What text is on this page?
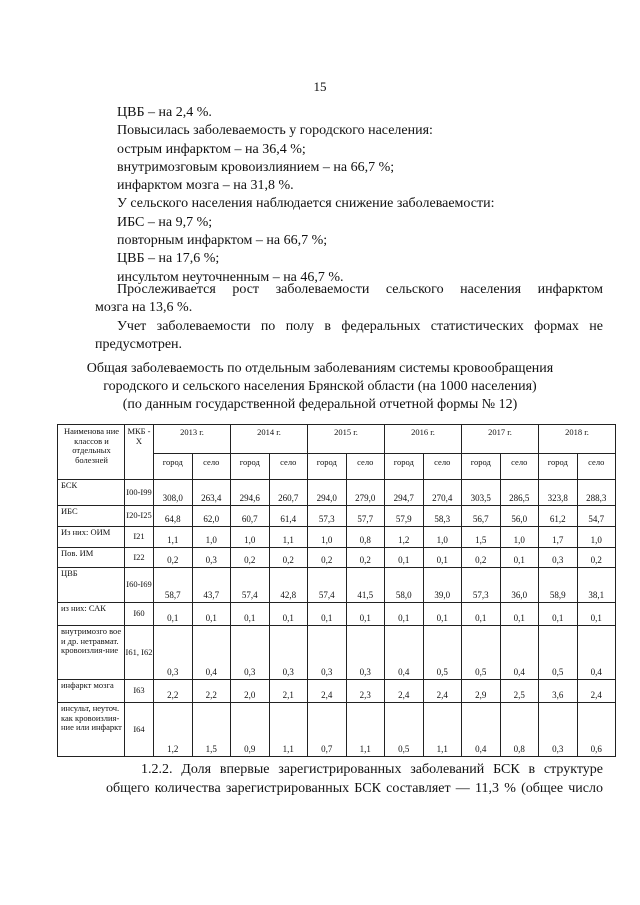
15
ЦВБ – на 2,4 %.
Повысилась заболеваемость у городского населения:
острым инфарктом – на 36,4 %;
внутримозговым кровоизлиянием – на 66,7 %;
инфарктом мозга – на 31,8 %.
У сельского населения наблюдается снижение заболеваемости:
ИБС – на 9,7 %;
повторным инфарктом – на 66,7 %;
ЦВБ – на 17,6 %;
инсультом неуточненным – на 46,7 %.
Прослеживается рост заболеваемости сельского населения инфарктом
мозга на 13,6 %.
Учет заболеваемости по полу в федеральных статистических формах не
предусмотрен.
Общая заболеваемость по отдельным заболеваниям системы кровообращения
городского и сельского населения Брянской области (на 1000 населения)
(по данным государственной федеральной отчетной формы № 12)
Наименова ние классов и отдельных болезней	МКБ - X	2013 г.		2014 г.		2015 г.		2016 г.		2017 г.		2018 г.	
		город	село	город	село	город	село	город	село	город	село	город	село
БСК	I00-I99	308,0	263,4	294,6	260,7	294,0	279,0	294,7	270,4	303,5	286,5	323,8	288,3
ИБС	I20-I25	64,8	62,0	60,7	61,4	57,3	57,7	57,9	58,3	56,7	56,0	61,2	54,7
Из них: ОИМ	I21	1,1	1,0	1,0	1,1	1,0	0,8	1,2	1,0	1,5	1,0	1,7	1,0
Пов. ИМ	I22	0,2	0,3	0,2	0,2	0,2	0,2	0,1	0,1	0,2	0,1	0,3	0,2
ЦВБ	I60-I69	58,7	43,7	57,4	42,8	57,4	41,5	58,0	39,0	57,3	36,0	58,9	38,1
из них: САК	I60	0,1	0,1	0,1	0,1	0,1	0,1	0,1	0,1	0,1	0,1	0,1	0,1
внутримозго вое и др. нетравмат. кровоизлия-ние	I61, I62	0,3	0,4	0,3	0,3	0,3	0,3	0,4	0,5	0,5	0,4	0,5	0,4
инфаркт мозга	I63	2,2	2,2	2,0	2,1	2,4	2,3	2,4	2,4	2,9	2,5	3,6	2,4
инсульт, неуточ. как кровоизлия-ние или инфаркт	I64	1,2	1,5	0,9	1,1	0,7	1,1	0,5	1,1	0,4	0,8	0,3	0,6
1.2.2. Доля впервые зарегистрированных заболеваний БСК в структуре
общего количества зарегистрированных БСК составляет — 11,3 % (общее число
